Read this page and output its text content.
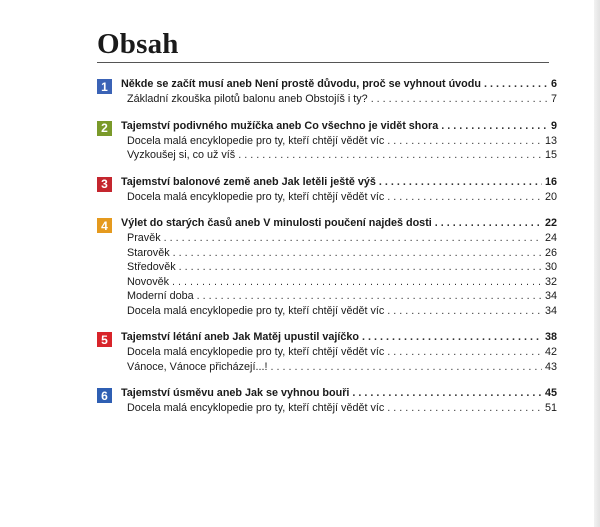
Obsah
1	Někde se začít musí aneb Není prostě důvodu, proč se vyhnout úvodu . . .	6
Základní zkouška pilotů balonu aneb Obstojíš i ty? . . .	7
2	Tajemství podivného mužíčka aneb Co všechno je vidět shora . . .	9
Docela malá encyklopedie pro ty, kteří chtějí vědět víc . . .	13
Vyzkoušej si, co už víš . . .	15
3	Tajemství balonové země aneb Jak letěli ještě výš . . .	16
Docela malá encyklopedie pro ty, kteří chtějí vědět víc . . .	20
4	Výlet do starých časů aneb V minulosti poučení najdeš dosti . . .	22
Pravěk . . .	24
Starověk . . .	26
Středověk . . .	30
Novověk . . .	32
Moderní doba . . .	34
Docela malá encyklopedie pro ty, kteří chtějí vědět víc . . .	34
5	Tajemství létání aneb Jak Matěj upustil vajíčko . . .	38
Docela malá encyklopedie pro ty, kteří chtějí vědět víc . . .	42
Vánoce, Vánoce přicházejí...! . . .	43
6	Tajemství úsměvu aneb Jak se vyhnou bouři . . .	45
Docela malá encyklopedie pro ty, kteří chtějí vědět víc . . .	51
